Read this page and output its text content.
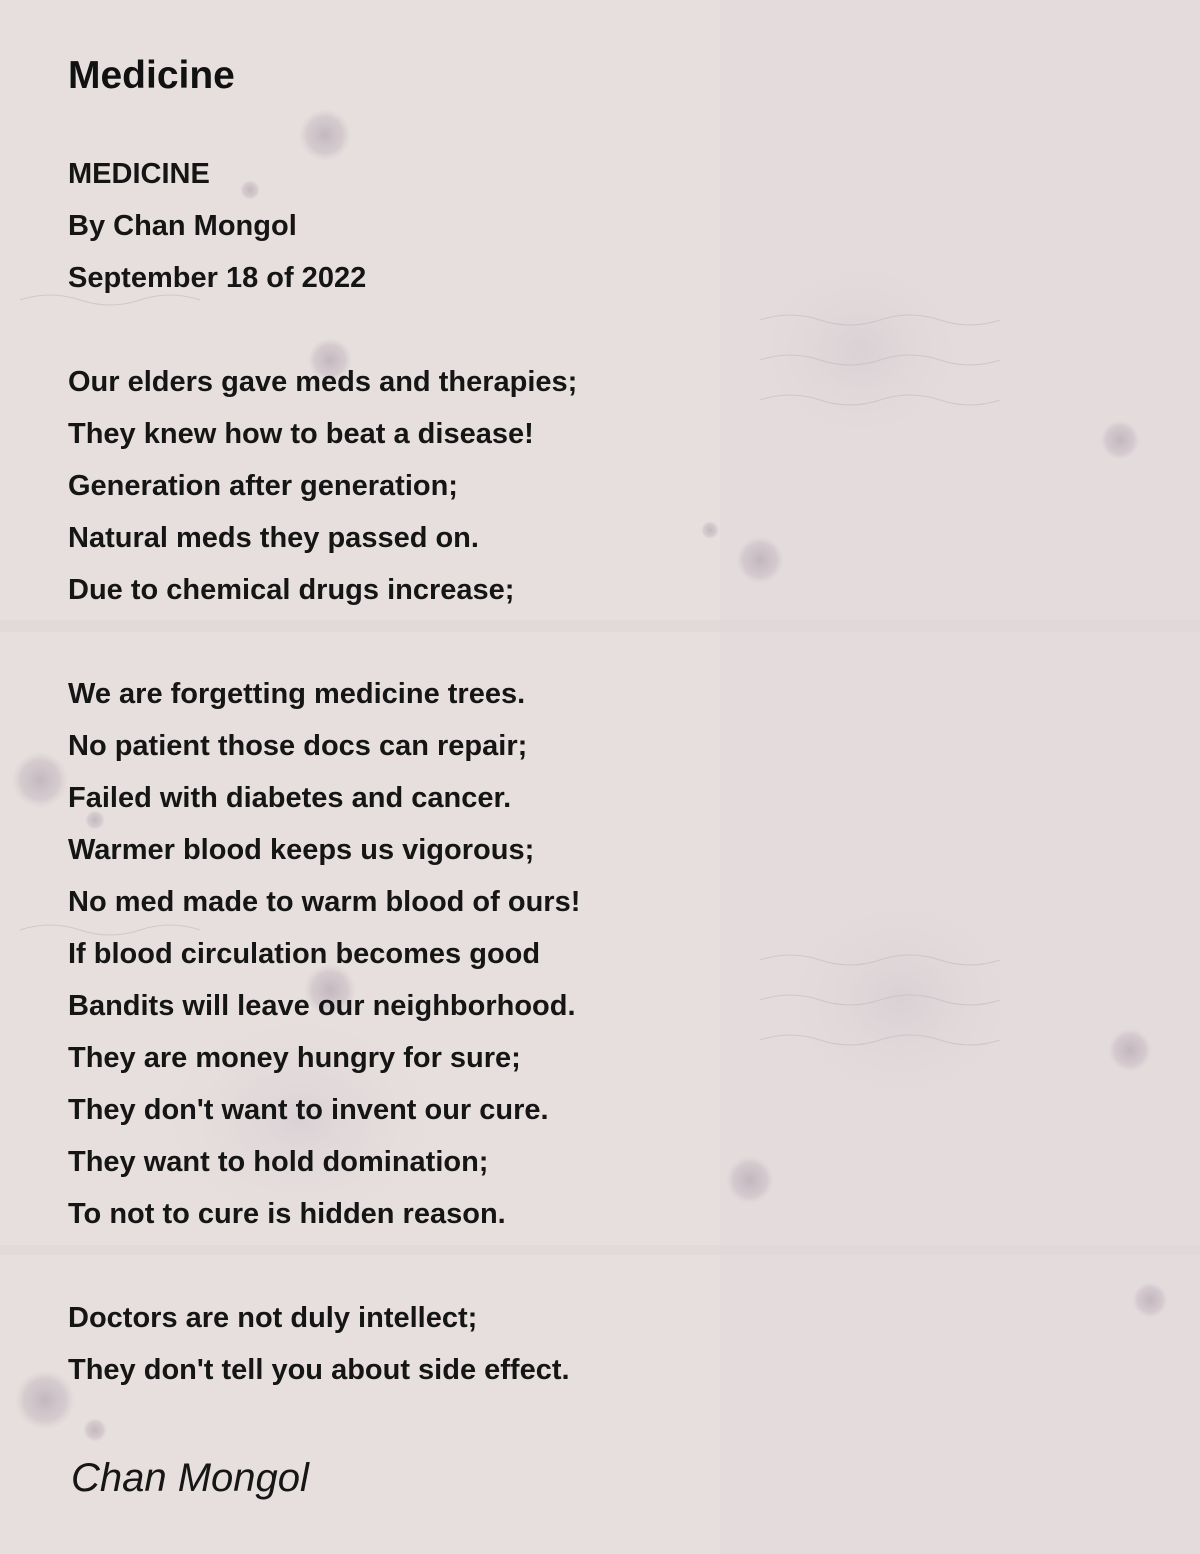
Medicine
MEDICINE
By Chan Mongol
September 18 of 2022
Our elders gave meds and therapies;
They knew how to beat a disease!
Generation after generation;
Natural meds they passed on.
Due to chemical drugs increase;
We are forgetting medicine trees.
No patient those docs can repair;
Failed with diabetes and cancer.
Warmer blood keeps us vigorous;
No med made to warm blood of ours!
If blood circulation becomes good
Bandits will leave our neighborhood.
They are money hungry for sure;
They don't want to invent our cure.
They want to hold domination;
To not to cure is hidden reason.
Doctors are not duly intellect;
They don't tell you about side effect.
Chan Mongol
